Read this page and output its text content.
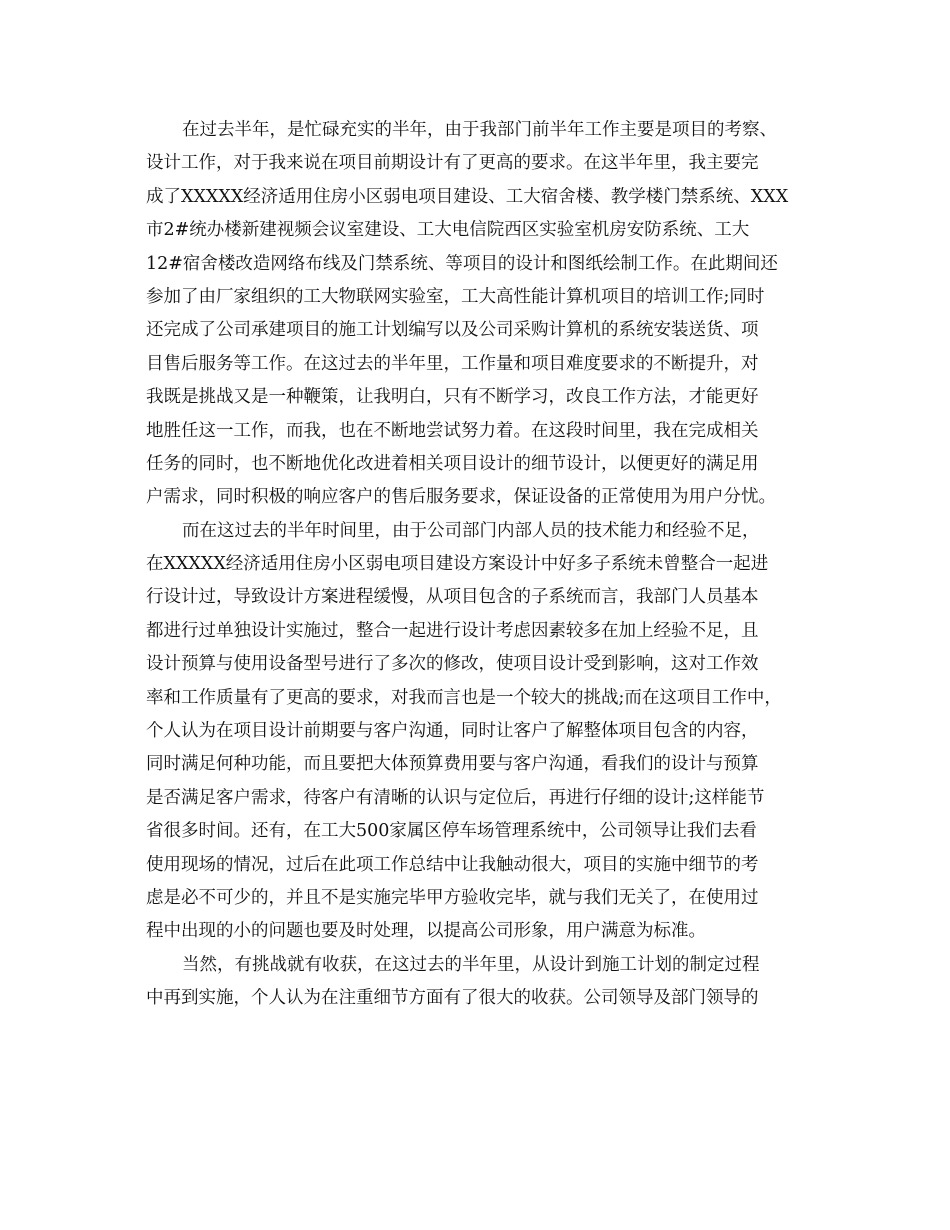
在过去半年，是忙碌充实的半年，由于我部门前半年工作主要是项目的考察、
设计工作，对于我来说在项目前期设计有了更高的要求。在这半年里，我主要完
成了XXXXX经济适用住房小区弱电项目建设、工大宿舍楼、教学楼门禁系统、XXX
市2#统办楼新建视频会议室建设、工大电信院西区实验室机房安防系统、工大
12#宿舍楼改造网络布线及门禁系统、等项目的设计和图纸绘制工作。在此期间还
参加了由厂家组织的工大物联网实验室，工大高性能计算机项目的培训工作;同时
还完成了公司承建项目的施工计划编写以及公司采购计算机的系统安装送货、项
目售后服务等工作。在这过去的半年里，工作量和项目难度要求的不断提升，对
我既是挑战又是一种鞭策，让我明白，只有不断学习，改良工作方法，才能更好
地胜任这一工作，而我，也在不断地尝试努力着。在这段时间里，我在完成相关
任务的同时，也不断地优化改进着相关项目设计的细节设计，以便更好的满足用
户需求，同时积极的响应客户的售后服务要求，保证设备的正常使用为用户分忧。
而在这过去的半年时间里，由于公司部门内部人员的技术能力和经验不足，
在XXXXX经济适用住房小区弱电项目建设方案设计中好多子系统未曾整合一起进
行设计过，导致设计方案进程缓慢，从项目包含的子系统而言，我部门人员基本
都进行过单独设计实施过，整合一起进行设计考虑因素较多在加上经验不足，且
设计预算与使用设备型号进行了多次的修改，使项目设计受到影响，这对工作效
率和工作质量有了更高的要求，对我而言也是一个较大的挑战;而在这项目工作中，
个人认为在项目设计前期要与客户沟通，同时让客户了解整体项目包含的内容，
同时满足何种功能，而且要把大体预算费用要与客户沟通，看我们的设计与预算
是否满足客户需求，待客户有清晰的认识与定位后，再进行仔细的设计;这样能节
省很多时间。还有，在工大500家属区停车场管理系统中，公司领导让我们去看
使用现场的情况，过后在此项工作总结中让我触动很大，项目的实施中细节的考
虑是必不可少的，并且不是实施完毕甲方验收完毕，就与我们无关了，在使用过
程中出现的小的问题也要及时处理，以提高公司形象，用户满意为标准。
当然，有挑战就有收获，在这过去的半年里，从设计到施工计划的制定过程
中再到实施，个人认为在注重细节方面有了很大的收获。公司领导及部门领导的
